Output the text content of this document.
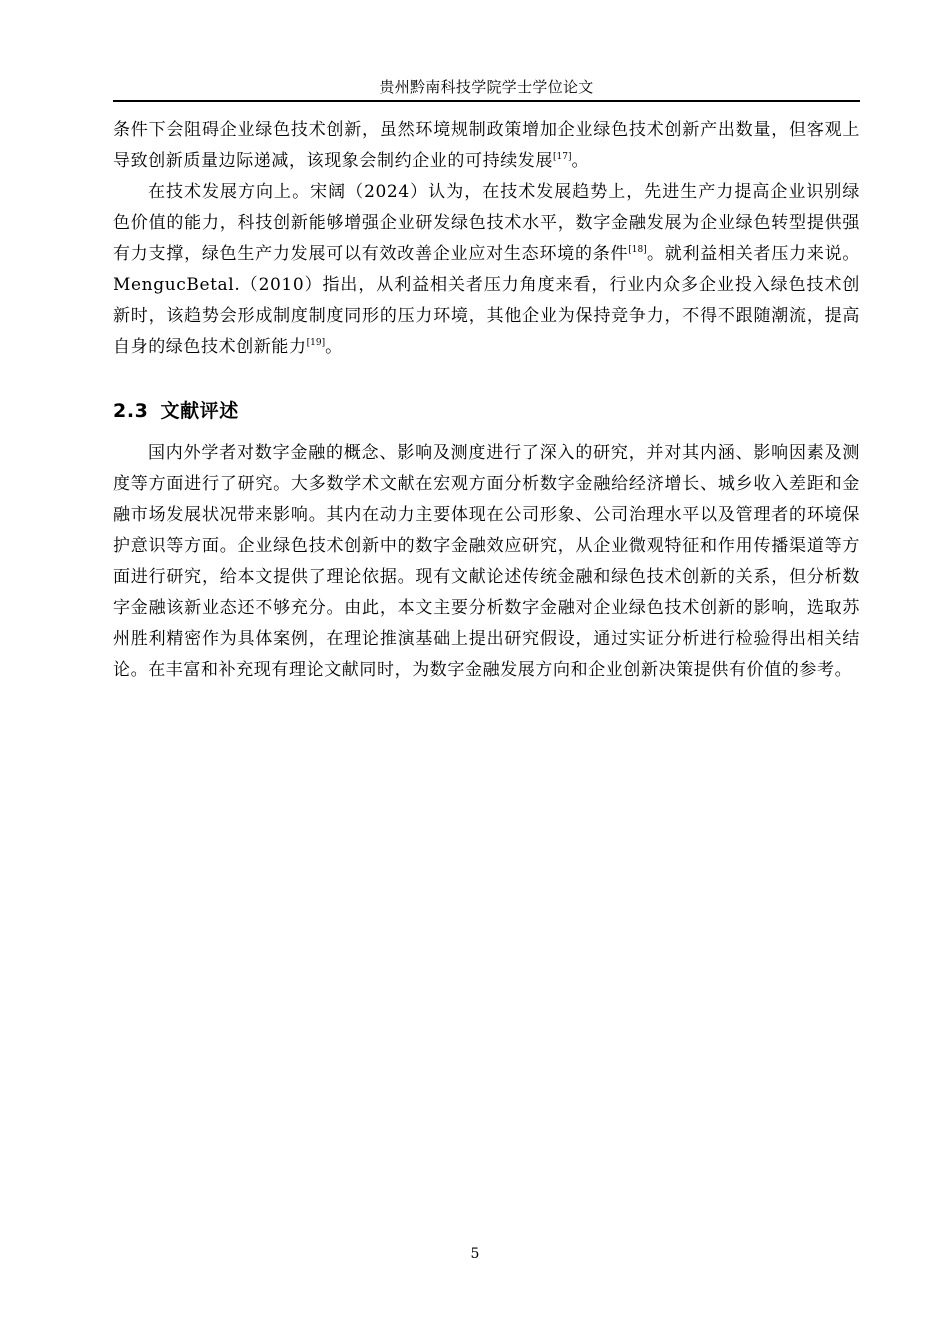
贵州黔南科技学院学士学位论文

条件下会阻碍企业绿色技术创新，虽然环境规制政策增加企业绿色技术创新产出数量，但客观上导致创新质量边际递减，该现象会制约企业的可持续发展[17]。

在技术发展方向上。宋阔（2024）认为，在技术发展趋势上，先进生产力提高企业识别绿色价值的能力，科技创新能够增强企业研发绿色技术水平，数字金融发展为企业绿色转型提供强有力支撑，绿色生产力发展可以有效改善企业应对生态环境的条件[18]。就利益相关者压力来说。MengucBetal.（2010）指出，从利益相关者压力角度来看，行业内众多企业投入绿色技术创新时，该趋势会形成制度制度同形的压力环境，其他企业为保持竞争力，不得不跟随潮流，提高自身的绿色技术创新能力[19]。

2.3 文献评述

国内外学者对数字金融的概念、影响及测度进行了深入的研究，并对其内涵、影响因素及测度等方面进行了研究。大多数学术文献在宏观方面分析数字金融给经济增长、城乡收入差距和金融市场发展状况带来影响。其内在动力主要体现在公司形象、公司治理水平以及管理者的环境保护意识等方面。企业绿色技术创新中的数字金融效应研究，从企业微观特征和作用传播渠道等方面进行研究，给本文提供了理论依据。现有文献论述传统金融和绿色技术创新的关系，但分析数字金融该新业态还不够充分。由此，本文主要分析数字金融对企业绿色技术创新的影响，选取苏州胜利精密作为具体案例，在理论推演基础上提出研究假设，通过实证分析进行检验得出相关结论。在丰富和补充现有理论文献同时，为数字金融发展方向和企业创新决策提供有价值的参考。

5
